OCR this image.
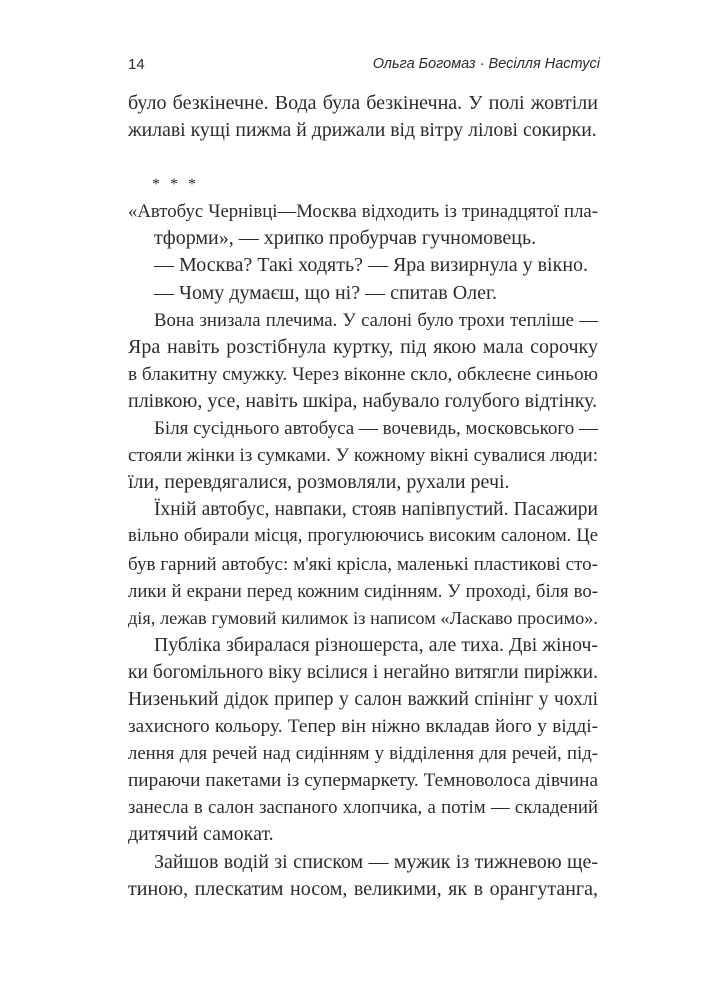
14	Ольга Богомаз · Весілля Настусі
було безкінечне. Вода була безкінечна. У полі жовтіли
жилаві кущі пижма й дрижали від вітру лілові сокирки.
* * *
«Автобус Чернівці—Москва відходить із тринадцятої пла-
тформи», — хрипко пробурчав гучномовець.
— Москва? Такі ходять? — Яра визирнула у вікно.
— Чому думаєш, що ні? — спитав Олег.
Вона знизала плечима. У салоні було трохи тепліше —
Яра навіть розстібнула куртку, під якою мала сорочку
в блакитну смужку. Через віконне скло, обклеєне синьою
плівкою, усе, навіть шкіра, набувало голубого відтінку.
Біля сусіднього автобуса — вочевидь, московського —
стояли жінки із сумками. У кожному вікні сувалися люди:
їли, перевдягалися, розмовляли, рухали речі.
Їхній автобус, навпаки, стояв напівпустий. Пасажири
вільно обирали місця, прогулюючись високим салоном. Це
був гарний автобус: м'які крісла, маленькі пластикові сто-
лики й екрани перед кожним сидінням. У проході, біля во-
дія, лежав гумовий килимок із написом «Ласкаво просимо».
Публіка збиралася різношерста, але тиха. Дві жіноч-
ки богомільного віку всілися і негайно витягли пиріжки.
Низенький дідок припер у салон важкий спінінг у чохлі
захисного кольору. Тепер він ніжно вкладав його у відді-
лення для речей над сидінням у відділення для речей, під-
пираючи пакетами із супермаркету. Темноволоса дівчина
занесла в салон заспаного хлопчика, а потім — складений
дитячий самокат.
Зайшов водій зі списком — мужик із тижневою ще-
тиною, плескатим носом, великими, як в орангутанга,
